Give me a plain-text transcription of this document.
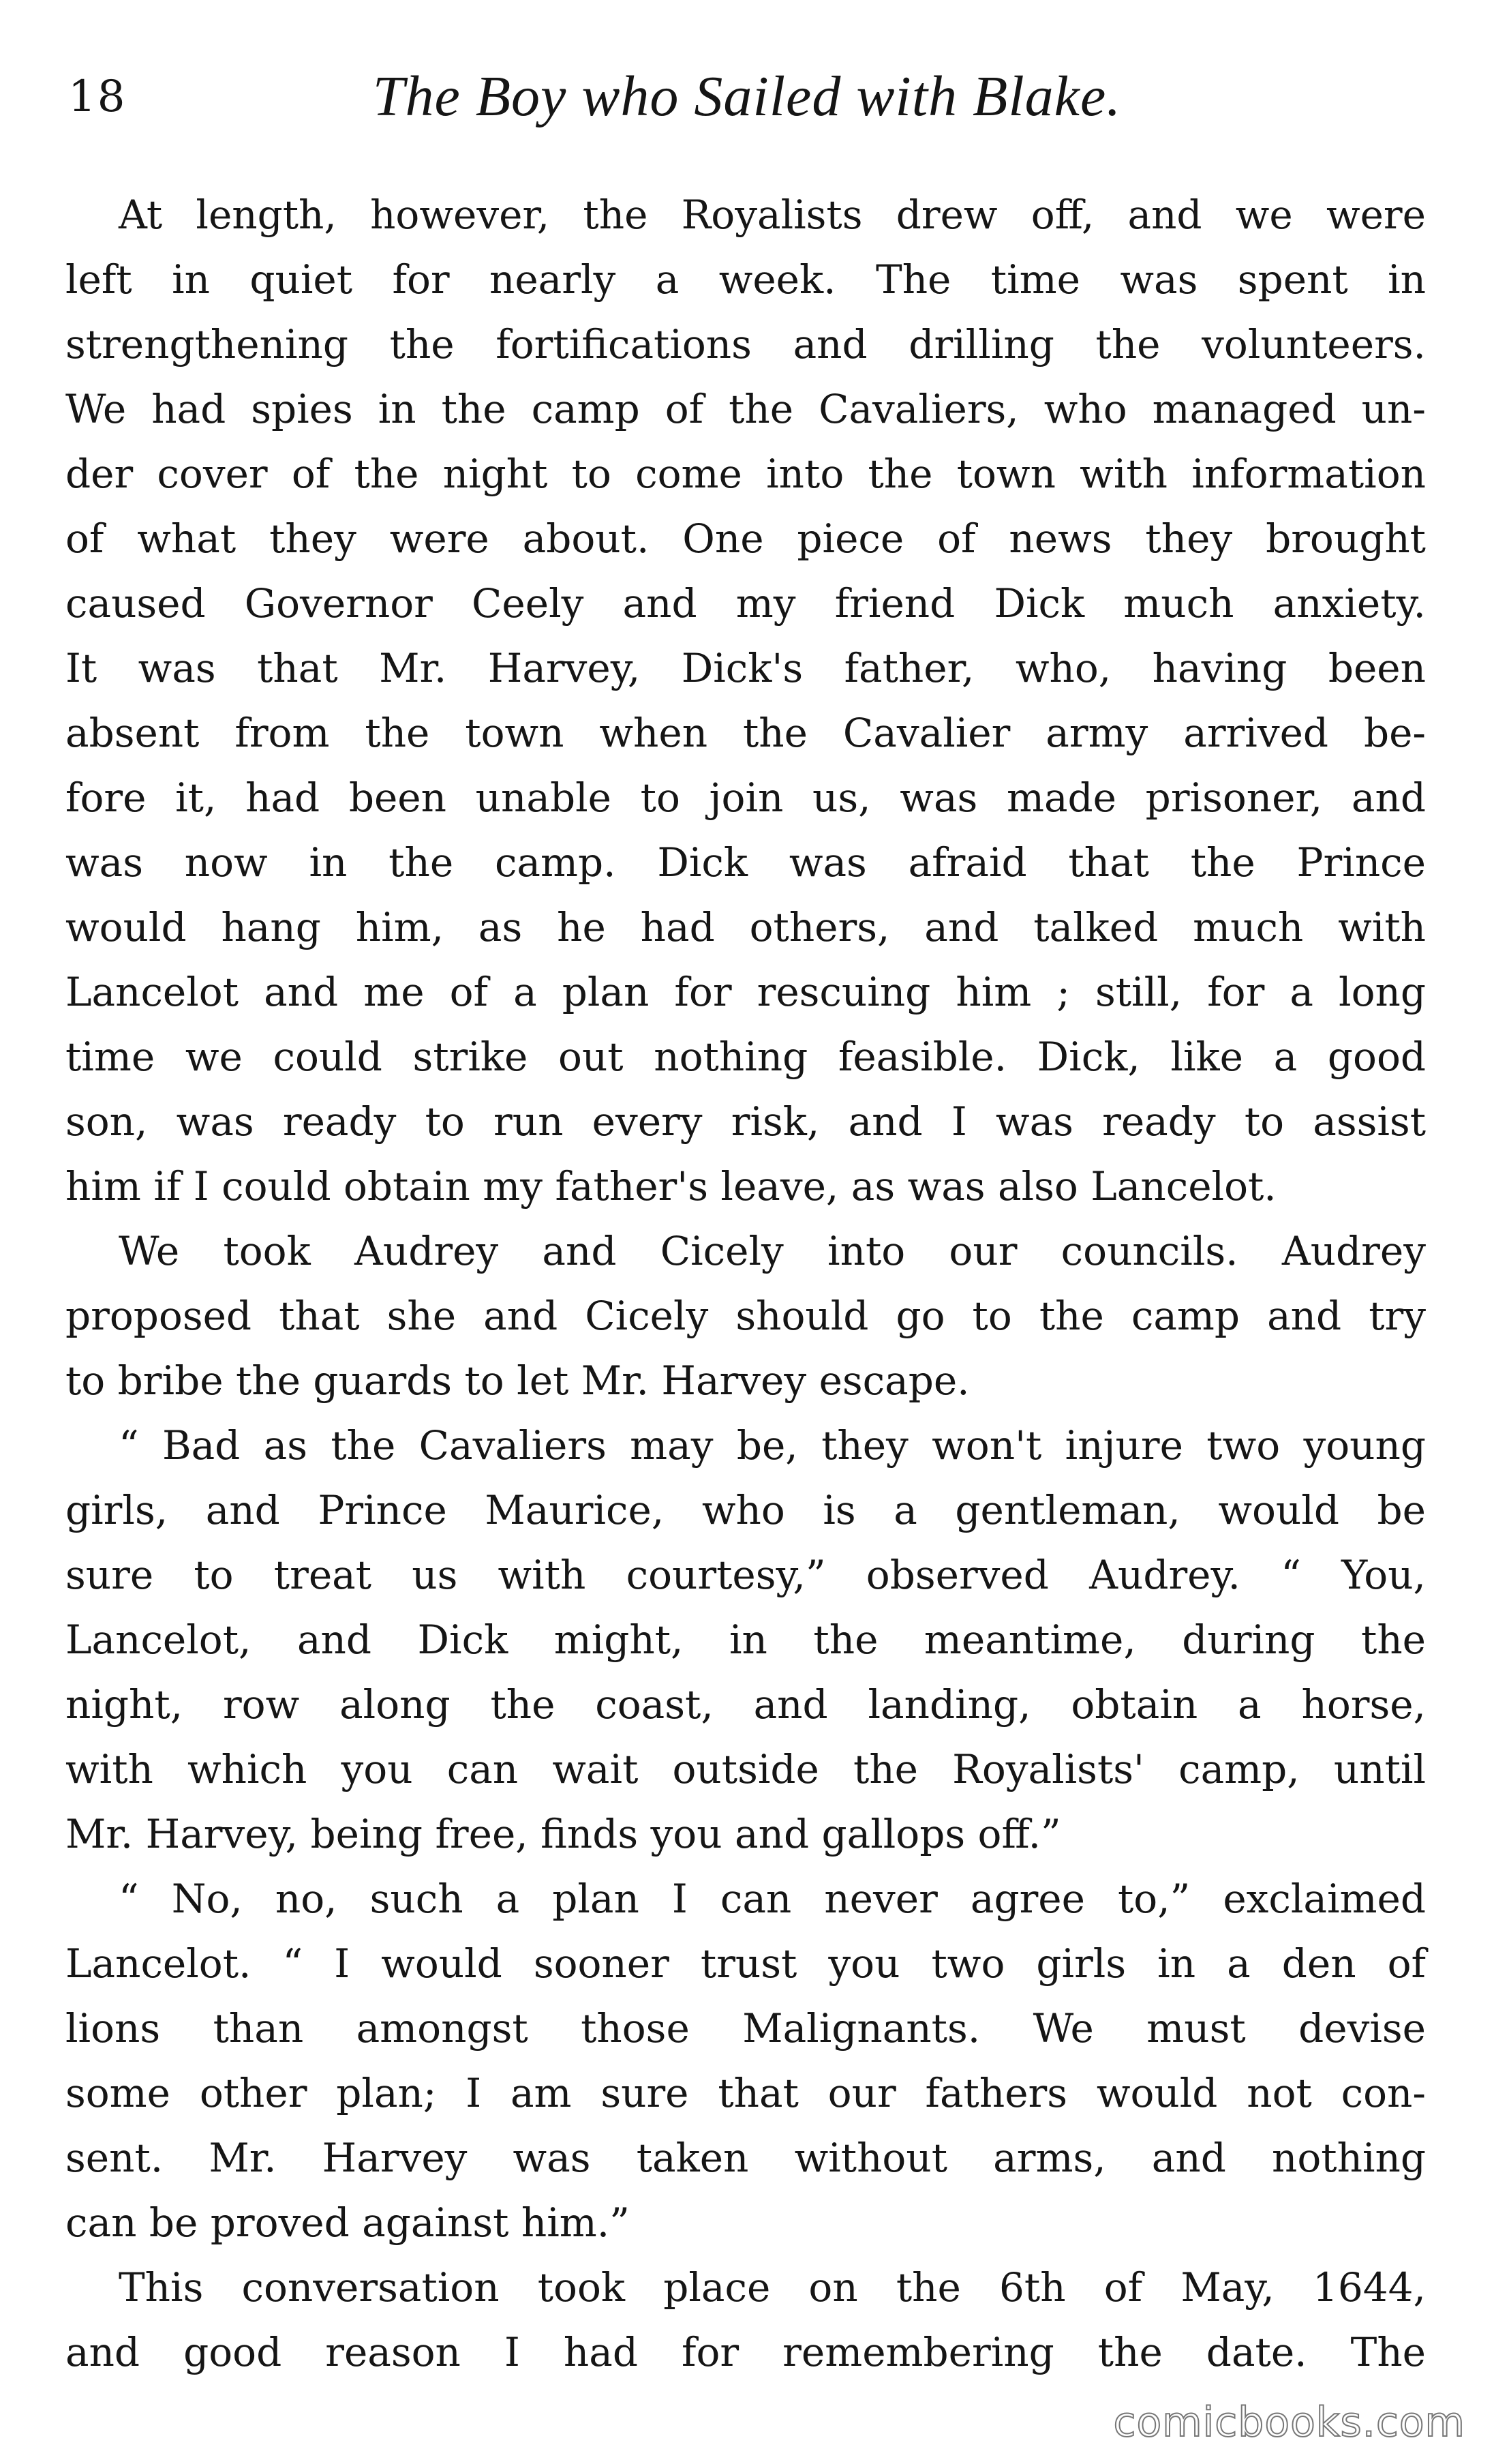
18	The Boy who Sailed with Blake.
At length, however, the Royalists drew off, and we were
left in quiet for nearly a week. The time was spent in
strengthening the fortifications and drilling the volunteers.
We had spies in the camp of the Cavaliers, who managed un-
der cover of the night to come into the town with information
of what they were about. One piece of news they brought
caused Governor Ceely and my friend Dick much anxiety.
It was that Mr. Harvey, Dick's father, who, having been
absent from the town when the Cavalier army arrived be-
fore it, had been unable to join us, was made prisoner, and
was now in the camp. Dick was afraid that the Prince
would hang him, as he had others, and talked much with
Lancelot and me of a plan for rescuing him ; still, for a long
time we could strike out nothing feasible. Dick, like a good
son, was ready to run every risk, and I was ready to assist
him if I could obtain my father's leave, as was also Lancelot.
We took Audrey and Cicely into our councils. Audrey
proposed that she and Cicely should go to the camp and try
to bribe the guards to let Mr. Harvey escape.
“ Bad as the Cavaliers may be, they won't injure two young
girls, and Prince Maurice, who is a gentleman, would be
sure to treat us with courtesy,” observed Audrey. “ You,
Lancelot, and Dick might, in the meantime, during the
night, row along the coast, and landing, obtain a horse,
with which you can wait outside the Royalists' camp, until
Mr. Harvey, being free, finds you and gallops off.”
“ No, no, such a plan I can never agree to,” exclaimed
Lancelot. “ I would sooner trust you two girls in a den of
lions than amongst those Malignants. We must devise
some other plan; I am sure that our fathers would not con-
sent. Mr. Harvey was taken without arms, and nothing
can be proved against him.”
This conversation took place on the 6th of May, 1644,
and good reason I had for remembering the date. The
comicbooks.com
